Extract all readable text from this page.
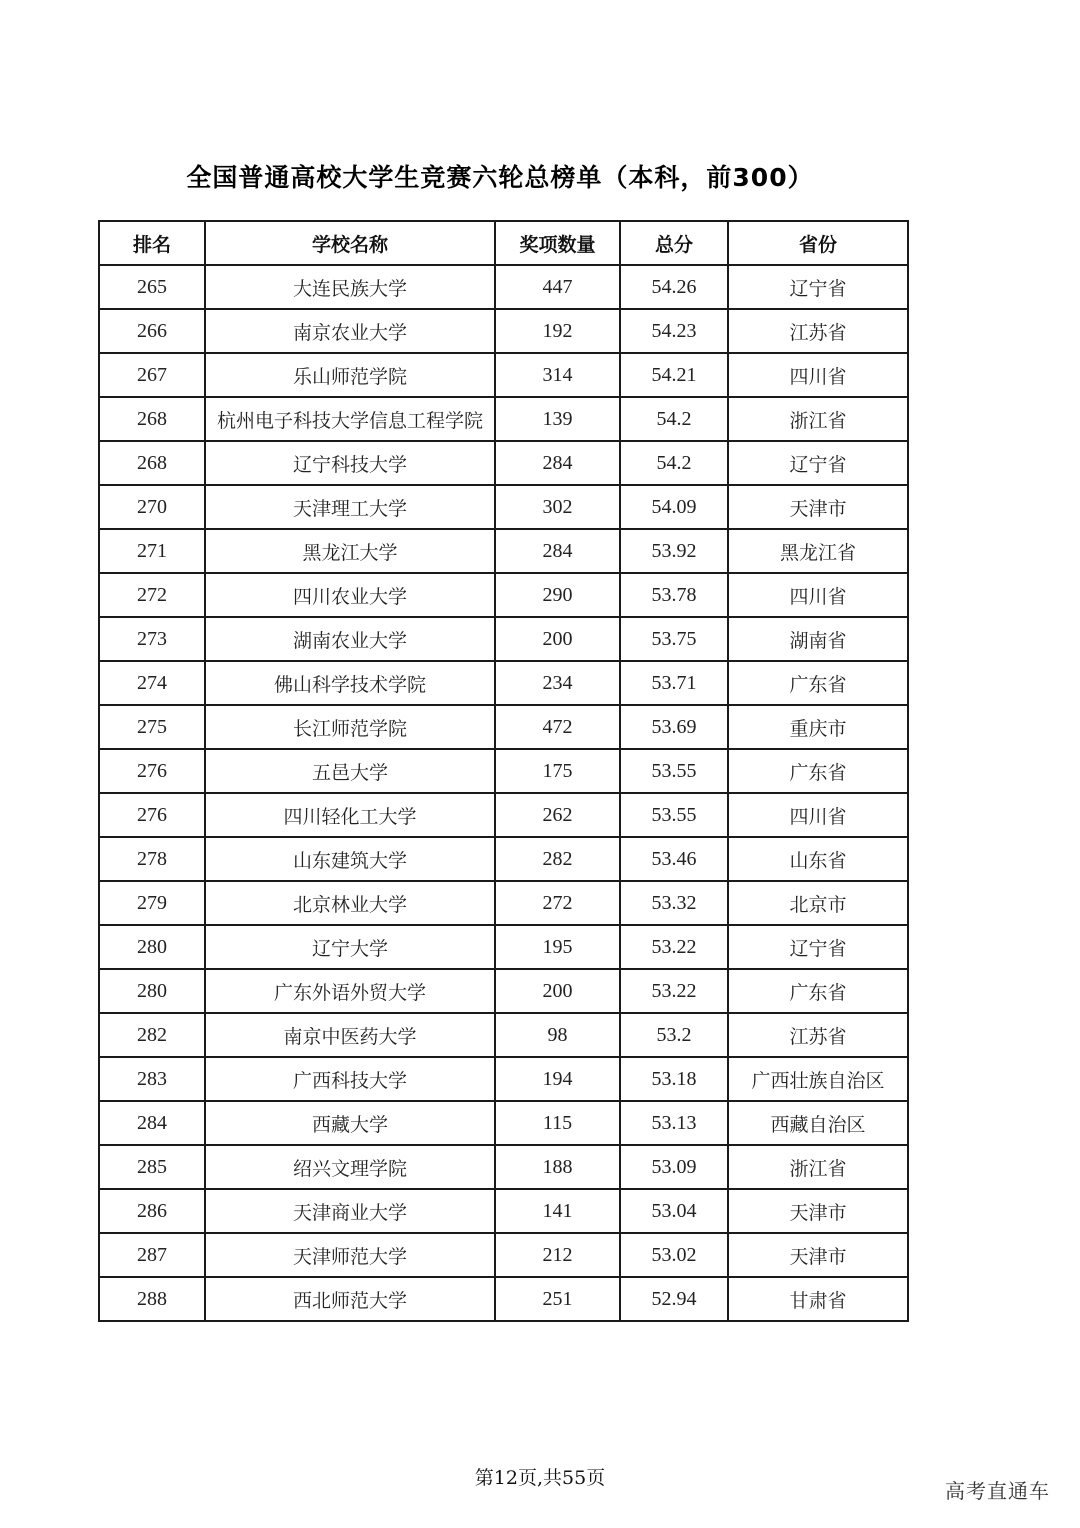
全国普通高校大学生竞赛六轮总榜单（本科，前300）
排名	学校名称	奖项数量	总分	省份
265	大连民族大学	447	54.26	辽宁省
266	南京农业大学	192	54.23	江苏省
267	乐山师范学院	314	54.21	四川省
268	杭州电子科技大学信息工程学院	139	54.2	浙江省
268	辽宁科技大学	284	54.2	辽宁省
270	天津理工大学	302	54.09	天津市
271	黑龙江大学	284	53.92	黑龙江省
272	四川农业大学	290	53.78	四川省
273	湖南农业大学	200	53.75	湖南省
274	佛山科学技术学院	234	53.71	广东省
275	长江师范学院	472	53.69	重庆市
276	五邑大学	175	53.55	广东省
276	四川轻化工大学	262	53.55	四川省
278	山东建筑大学	282	53.46	山东省
279	北京林业大学	272	53.32	北京市
280	辽宁大学	195	53.22	辽宁省
280	广东外语外贸大学	200	53.22	广东省
282	南京中医药大学	98	53.2	江苏省
283	广西科技大学	194	53.18	广西壮族自治区
284	西藏大学	115	53.13	西藏自治区
285	绍兴文理学院	188	53.09	浙江省
286	天津商业大学	141	53.04	天津市
287	天津师范大学	212	53.02	天津市
288	西北师范大学	251	52.94	甘肃省
第12页,共55页
高考直通车
